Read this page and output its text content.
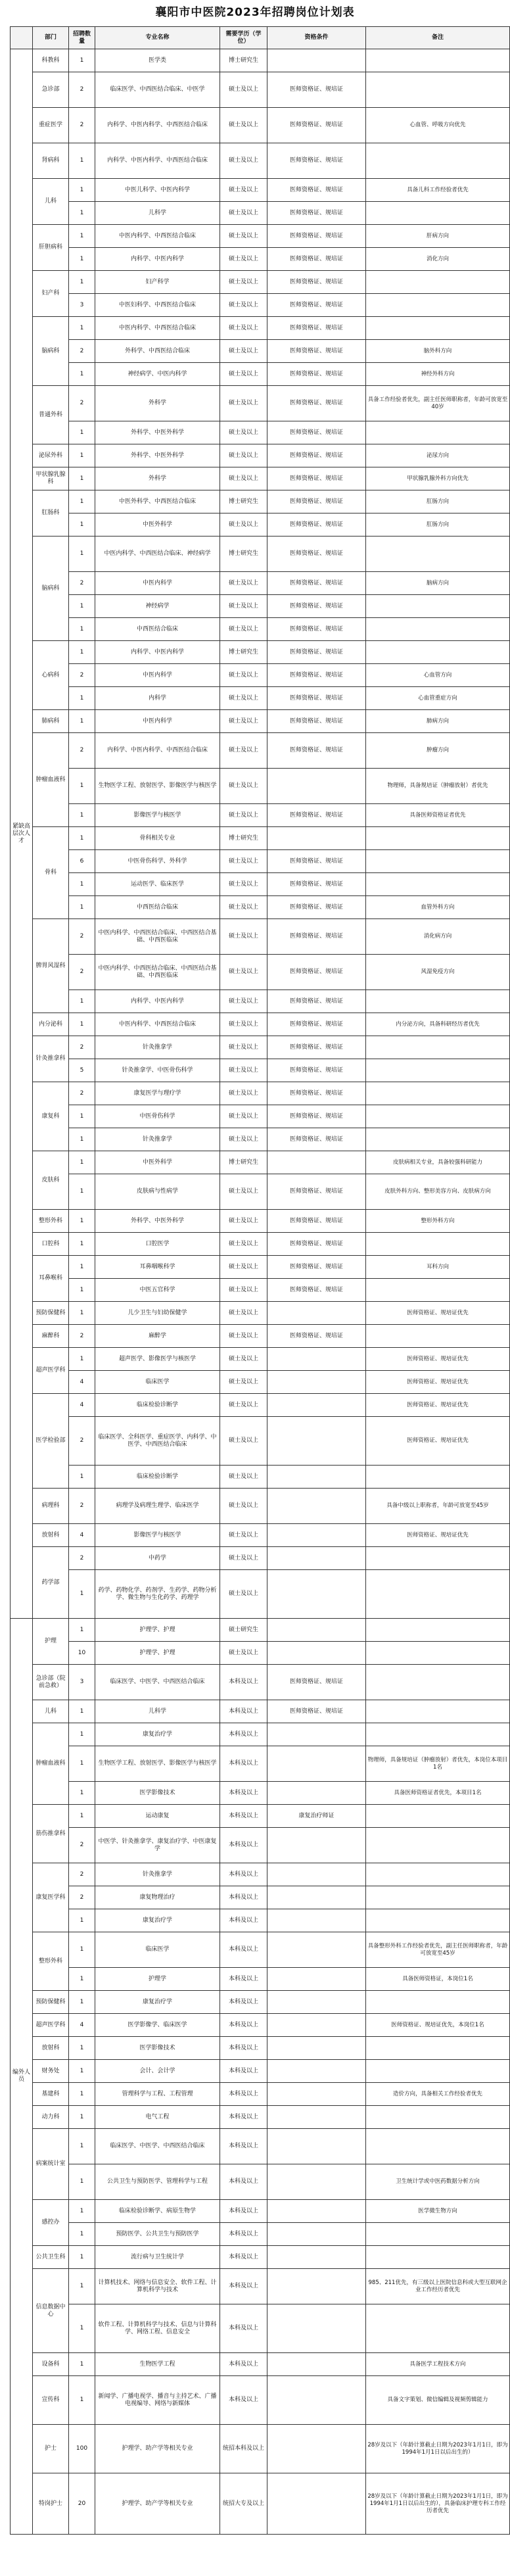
襄阳市中医院2023年招聘岗位计划表
	部门	招聘数量	专业名称	需要学历（学位）	资格条件	备注
紧缺高层次人才	科教科	1	医学类	博士研究生		
	急诊部	2	临床医学、中西医结合临床、中医学	硕士及以上	医师资格证、规培证	
	重症医学	2	内科学、中医内科学、中西医结合临床	硕士及以上	医师资格证、规培证	心血管、呼吸方向优先
	肾病科	1	内科学、中医内科学、中西医结合临床	硕士及以上	医师资格证、规培证	
	儿科	1	中医儿科学、中医内科学	硕士及以上	医师资格证、规培证	具备儿科工作经验者优先
		1	儿科学	硕士及以上	医师资格证、规培证	
	肝胆病科	1	中医内科学、中西医结合临床	硕士及以上	医师资格证、规培证	肝病方向
		1	内科学、中医内科学	硕士及以上	医师资格证、规培证	消化方向
	妇产科	1	妇产科学	硕士及以上	医师资格证、规培证	
		3	中医妇科学、中西医结合临床	硕士及以上	医师资格证、规培证	
	脑病科	1	中医内科学、中西医结合临床	硕士及以上	医师资格证、规培证	
		2	外科学、中西医结合临床	硕士及以上	医师资格证、规培证	脑外科方向
		1	神经病学、中医内科学	硕士及以上	医师资格证、规培证	神经外科方向
	普通外科	2	外科学	硕士及以上	医师资格证、规培证	具备工作经验者优先，副主任医师职称者，年龄可放宽至40岁
		1	外科学、中医外科学	硕士及以上	医师资格证、规培证	
	泌尿外科	1	外科学、中医外科学	硕士及以上	医师资格证、规培证	泌尿方向
	甲状腺乳腺科	1	外科学	硕士及以上	医师资格证、规培证	甲状腺乳腺外科方向优先
	肛肠科	1	中医外科学、中西医结合临床	博士研究生	医师资格证、规培证	肛肠方向
		1	中医外科学	硕士及以上	医师资格证、规培证	肛肠方向
	脑病科	1	中医内科学、中西医结合临床、神经病学	博士研究生	医师资格证、规培证	
		2	中医内科学	硕士及以上	医师资格证、规培证	脑病方向
		1	神经病学	硕士及以上	医师资格证、规培证	
		1	中西医结合临床	硕士及以上	医师资格证、规培证	
	心病科	1	内科学、中医内科学	博士研究生	医师资格证、规培证	
		2	中医内科学	硕士及以上	医师资格证、规培证	心血管方向
		1	内科学	硕士及以上	医师资格证、规培证	心血管重症方向
	肺病科	1	中医内科学	硕士及以上	医师资格证、规培证	肺病方向
	肿瘤血液科	2	内科学、中医内科学、中西医结合临床	硕士及以上	医师资格证、规培证	肿瘤方向
		1	生物医学工程、放射医学、影像医学与核医学	硕士及以上		物理师，具备规培证（肿瘤放射）者优先
		1	影像医学与核医学	硕士及以上	医师资格证、规培证	具备医师资格证者优先
	骨科	1	骨科相关专业	博士研究生		
		6	中医骨伤科学、外科学	硕士及以上	医师资格证、规培证	
		1	运动医学、临床医学	硕士及以上	医师资格证、规培证	
		1	中西医结合临床	硕士及以上	医师资格证、规培证	血管外科方向
	脾胃风湿科	2	中医内科学、中西医结合临床、中西医结合基础、中西医临床	硕士及以上	医师资格证、规培证	消化病方向
		2	中医内科学、中西医结合临床、中西医结合基础、中西医临床	硕士及以上	医师资格证、规培证	风湿免疫方向
		1	内科学、中医内科学	硕士及以上	医师资格证、规培证	
	内分泌科	1	中医内科学、中西医结合临床	硕士及以上	医师资格证、规培证	内分泌方向，具备科研经历者优先
	针灸推拿科	2	针灸推拿学	硕士及以上	医师资格证、规培证	
		5	针灸推拿学、中医骨伤科学	硕士及以上	医师资格证、规培证	
	康复科	2	康复医学与理疗学	硕士及以上	医师资格证、规培证	
		1	中医骨伤科学	硕士及以上	医师资格证、规培证	
		1	针灸推拿学	硕士及以上	医师资格证、规培证	
	皮肤科	1	中医外科学	博士研究生		皮肤病相关专业，具备较强科研能力
		1	皮肤病与性病学	硕士及以上	医师资格证、规培证	皮肤外科方向、整形美容方向、皮肤病方向
	整形外科	1	外科学、中医外科学	硕士及以上	医师资格证、规培证	整形外科方向
	口腔科	1	口腔医学	硕士及以上	医师资格证、规培证	
	耳鼻喉科	1	耳鼻咽喉科学	硕士及以上	医师资格证、规培证	耳科方向
		1	中医五官科学	硕士及以上	医师资格证、规培证	
	预防保健科	1	儿少卫生与妇幼保健学	硕士及以上		医师资格证、规培证优先
	麻醉科	2	麻醉学	硕士及以上	医师资格证、规培证	
	超声医学科	1	超声医学、影像医学与核医学	硕士及以上		医师资格证、规培证优先
		4	临床医学	硕士及以上		医师资格证、规培证优先
	医学检验部	4	临床检验诊断学	硕士及以上		医师资格证、规培证优先
		2	临床医学、全科医学、重症医学、内科学、中医学、中西医结合临床	硕士及以上		医师资格证、规培证优先
		1	临床检验诊断学	硕士及以上		
	病理科	2	病理学及病理生理学、临床医学	硕士及以上		具备中级以上职称者，年龄可放宽至45岁
	放射科	4	影像医学与核医学	硕士及以上		医师资格证、规培证优先
	药学部	2	中药学	硕士及以上		
		1	药学、药物化学、药剂学、生药学、药物分析学、微生物与生化药学、药理学	硕士及以上		
编外人员	护理	1	护理学、护理	硕士研究生		
		10	护理学、护理	硕士及以上		
	急诊部（院前急救）	3	临床医学、中医学、中西医结合临床	本科及以上	医师资格证、规培证	
	儿科	1	儿科学	本科及以上	医师资格证、规培证	
	肿瘤血液科	1	康复治疗学	本科及以上		
		1	生物医学工程、放射医学、影像医学与核医学	本科及以上		物理师，具备规培证（肿瘤放射）者优先，本岗位本项目1名
		1	医学影像技术	本科及以上		具备医师资格证者优先，本项目1名
	筋伤推拿科	1	运动康复	本科及以上	康复治疗师证	
		2	中医学、针灸推拿学、康复治疗学、中医康复学	本科及以上		
	康复医学科	2	针灸推拿学	本科及以上		
		2	康复物理治疗	本科及以上		
		1	康复治疗学	本科及以上		
	整形外科	1	临床医学	本科及以上		具备整形外科工作经验者优先，副主任医师职称者，年龄可放宽至45岁
		1	护理学	本科及以上		具备医师资格证，本岗位1名
	预防保健科	1	康复治疗学	本科及以上		
	超声医学科	4	医学影像学、临床医学	本科及以上		医师资格证、规培证优先，本岗位1名
	放射科	1	医学影像技术	本科及以上		
	财务处	1	会计、会计学	本科及以上		
	基建科	1	管理科学与工程、工程管理	本科及以上		造价方向，具备相关工作经验者优先
	动力科	1	电气工程	本科及以上		
	病案统计室	1	临床医学、中医学、中西医结合临床	本科及以上		
		1	公共卫生与预防医学、管理科学与工程	本科及以上		卫生统计学或中医药数据分析方向
	感控办	1	临床检验诊断学、病原生物学	本科及以上		医学微生物方向
		1	预防医学、公共卫生与预防医学	本科及以上		
	公共卫生科	1	流行病与卫生统计学	本科及以上		
	信息数据中心	1	计算机技术、网络与信息安全、软件工程、计算机科学与技术	本科及以上		985、211优先，有三级以上医院信息科或大型互联网企业工作经历者优先
		1	软件工程、计算机科学与技术、信息与计算科学、网络工程、信息安全	本科及以上		
	设备科	1	生物医学工程	本科及以上		具备医学工程技术方向
	宣传科	1	新闻学、广播电视学、播音与主持艺术、广播电视编导、网络与新媒体	本科及以上		具备文字策划、微信编辑及视频剪辑能力
	护士	100	护理学、助产学等相关专业	统招本科及以上		28岁及以下（年龄计算截止日期为2023年1月1日，即为1994年1月1日以后出生的）
	特岗护士	20	护理学、助产学等相关专业	统招大专及以上		28岁及以下（年龄计算截止日期为2023年1月1日，即为1994年1月1日以后出生的），具备临床护理专科工作经历者优先
